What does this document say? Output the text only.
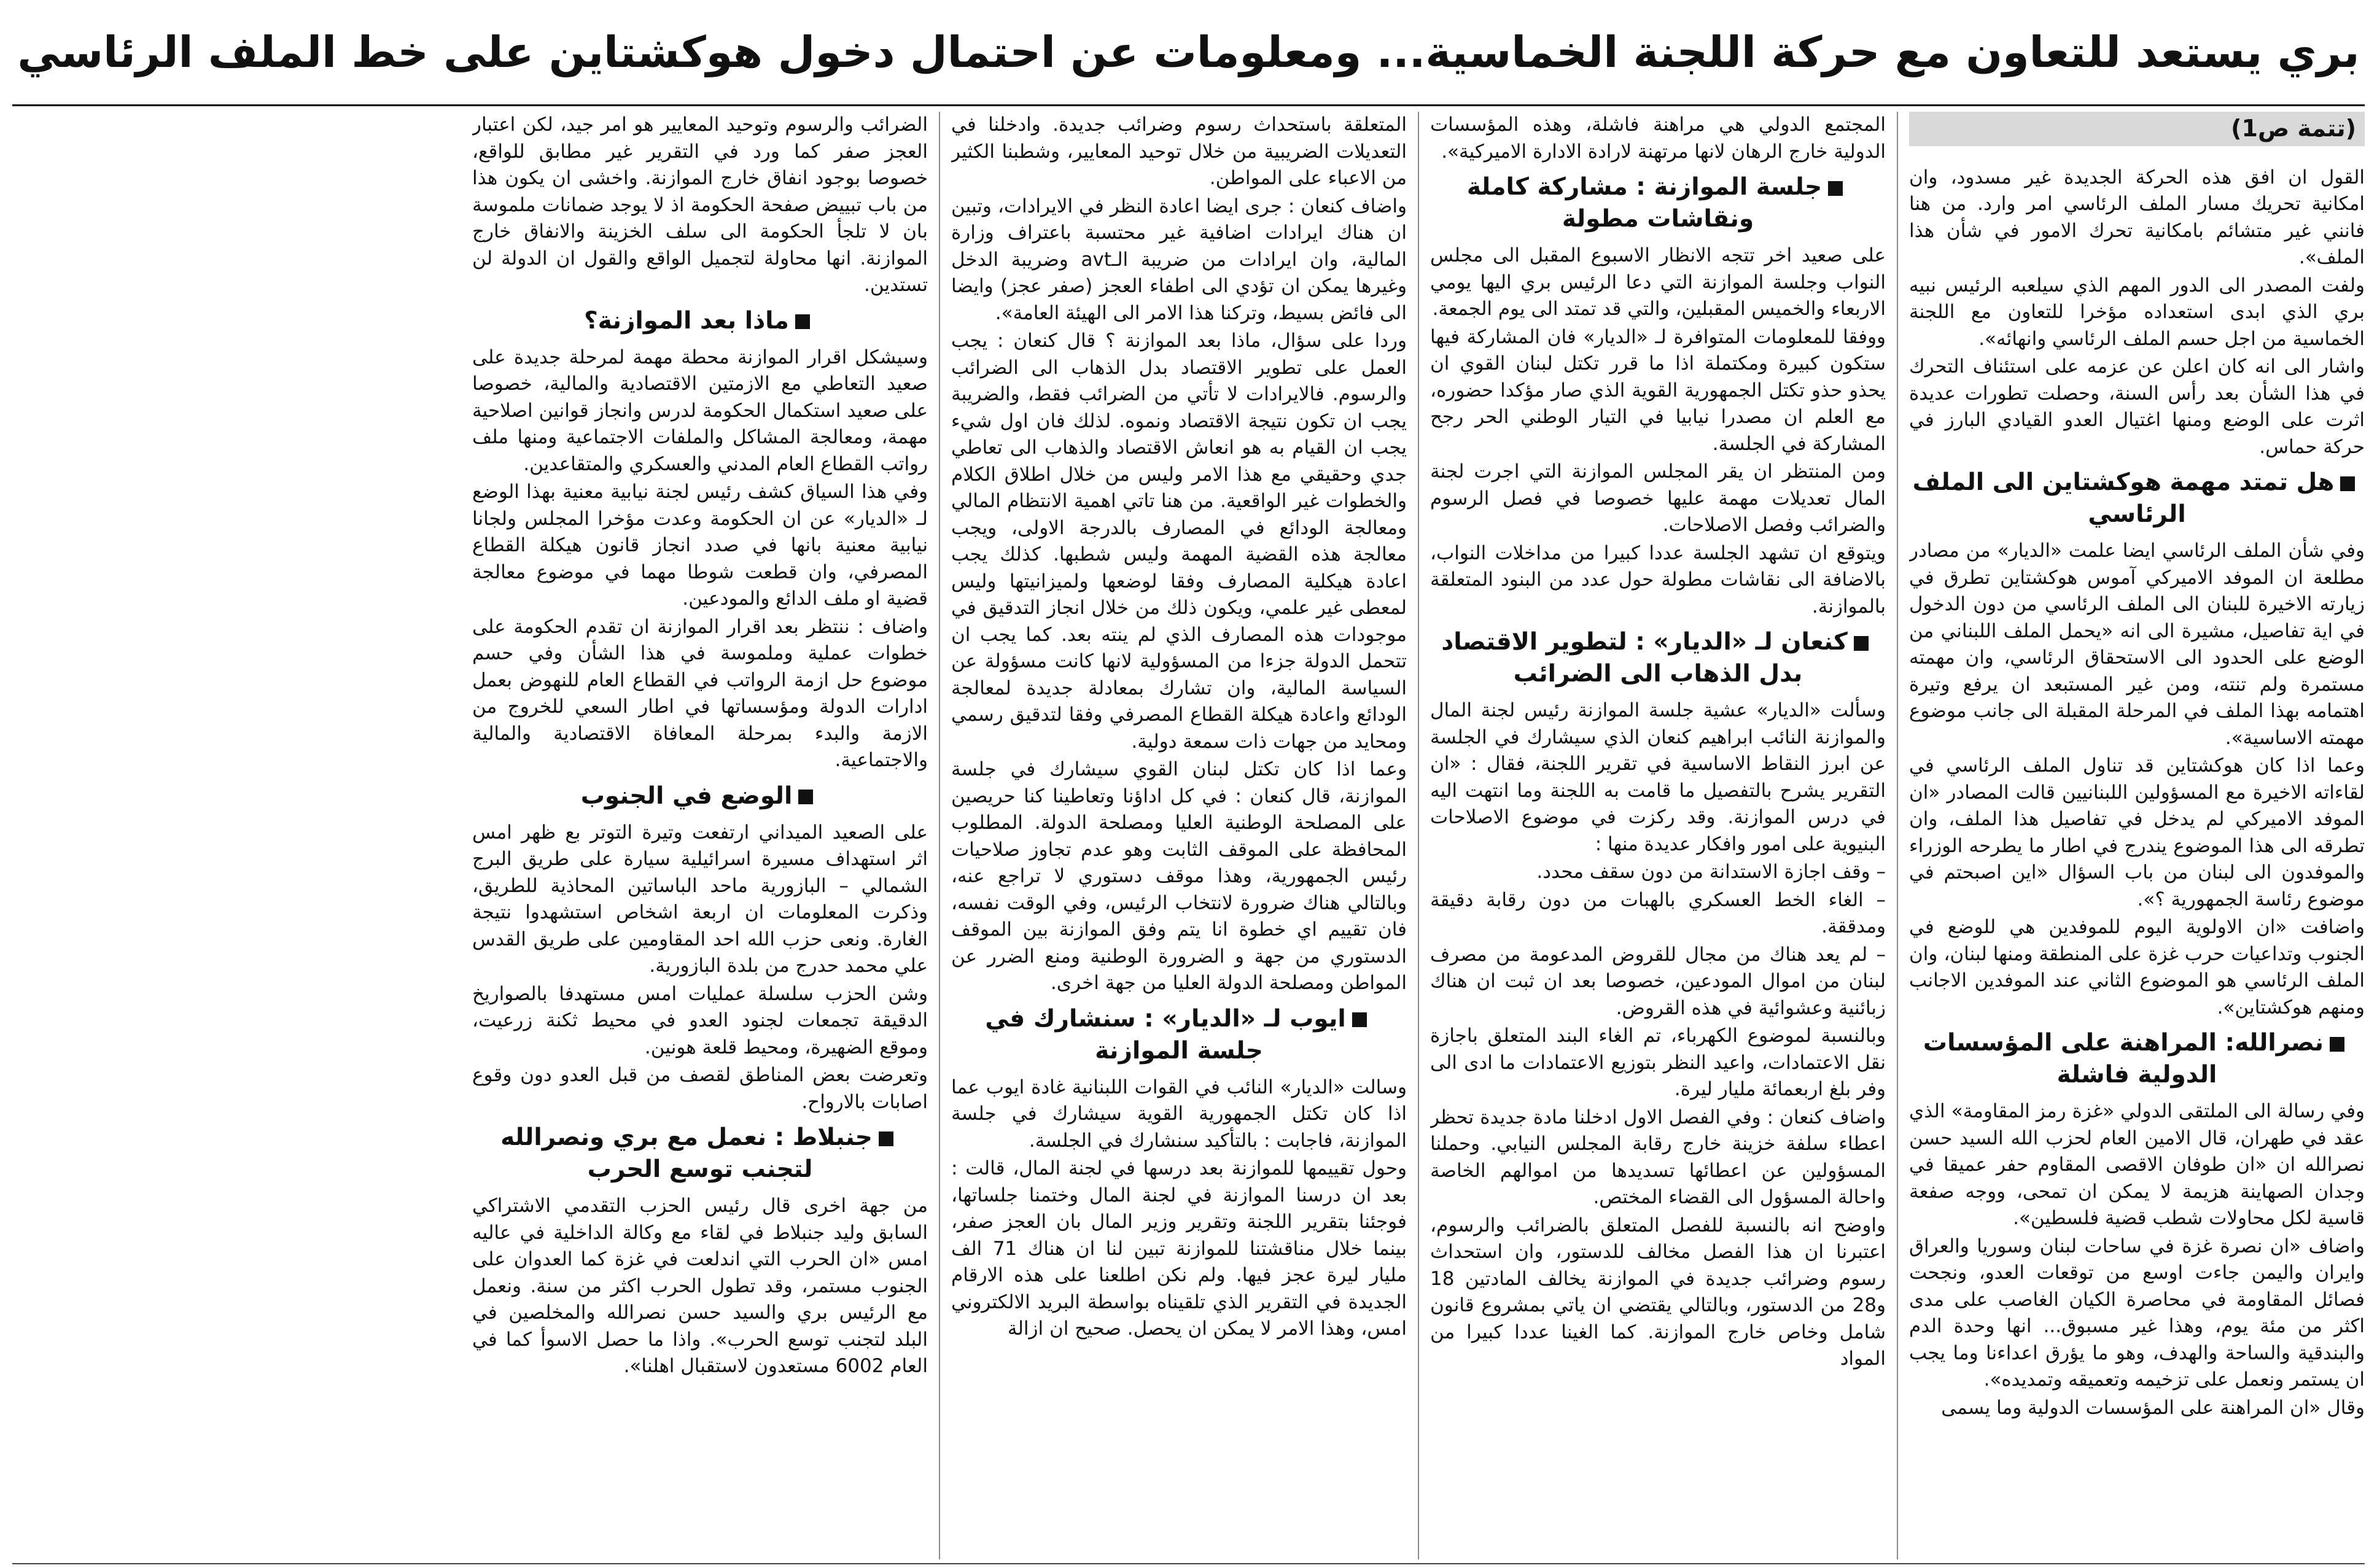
بري يستعد للتعاون مع حركة اللجنة الخماسية... ومعلومات عن احتمال دخول هوكشتاين على خط الملف الرئاسي
(تتمة ص1)

القول ان افق هذه الحركة الجديدة غير مسدود، وان امكانية تحريك مسار الملف الرئاسي امر وارد. من هنا فانني غير متشائم بامكانية تحرك الامور في شأن هذا الملف».

ولفت المصدر الى الدور المهم الذي سيلعبه الرئيس نبيه بري الذي ابدى استعداده مؤخرا للتعاون مع اللجنة الخماسية من اجل حسم الملف الرئاسي وانهائه».

واشار الى انه كان اعلن عن عزمه على استئناف التحرك في هذا الشأن بعد رأس السنة، وحصلت تطورات عديدة اثرت على الوضع ومنها اغتيال العدو القيادي البارز في حركة حماس.

هل تمتد مهمة هوكشتاين الى الملف الرئاسي

وفي شأن الملف الرئاسي ايضا علمت «الديار» من مصادر مطلعة ان الموفد الاميركي آموس هوكشتاين تطرق في زيارته الاخيرة للبنان الى الملف الرئاسي من دون الدخول في اية تفاصيل، مشيرة الى انه «يحمل الملف اللبناني من الوضع على الحدود الى الاستحقاق الرئاسي، وان مهمته مستمرة ولم تنته، ومن غير المستبعد ان يرفع وتيرة اهتمامه بهذا الملف في المرحلة المقبلة الى جانب موضوع مهمته الاساسية».

وعما اذا كان هوكشتاين قد تناول الملف الرئاسي في لقاءاته الاخيرة مع المسؤولين اللبنانيين قالت المصادر «ان الموفد الاميركي لم يدخل في تفاصيل هذا الملف، وان تطرقه الى هذا الموضوع يندرج في اطار ما يطرحه الوزراء والموفدون الى لبنان من باب السؤال «اين اصبحتم في موضوع رئاسة الجمهورية ؟».

واضافت «ان الاولوية اليوم للموفدين هي للوضع في الجنوب وتداعيات حرب غزة على المنطقة ومنها لبنان، وان الملف الرئاسي هو الموضوع الثاني عند الموفدين الاجانب ومنهم هوكشتاين».

نصرالله: المراهنة على المؤسسات الدولية فاشلة

وفي رسالة الى الملتقى الدولي «غزة رمز المقاومة» الذي عقد في طهران، قال الامين العام لحزب الله السيد حسن نصرالله ان «ان طوفان الاقصى المقاوم حفر عميقا في وجدان الصهاينة هزيمة لا يمكن ان تمحى، ووجه صفعة قاسية لكل محاولات شطب قضية فلسطين».

واضاف «ان نصرة غزة في ساحات لبنان وسوريا والعراق وايران واليمن جاءت اوسع من توقعات العدو، ونجحت فصائل المقاومة في محاصرة الكيان الغاصب على مدى اكثر من مئة يوم، وهذا غير مسبوق... انها وحدة الدم والبندقية والساحة والهدف، وهو ما يؤرق اعداءنا وما يجب ان يستمر ونعمل على تزخيمه وتعميقه وتمديده».

وقال «ان المراهنة على المؤسسات الدولية وما يسمى

المجتمع الدولي هي مراهنة فاشلة، وهذه المؤسسات الدولية خارج الرهان لانها مرتهنة لارادة الادارة الاميركية».

جلسة الموازنة : مشاركة كاملة ونقاشات مطولة

على صعيد اخر تتجه الانظار الاسبوع المقبل الى مجلس النواب وجلسة الموازنة التي دعا الرئيس بري اليها يومي الاربعاء والخميس المقبلين، والتي قد تمتد الى يوم الجمعة.

ووفقا للمعلومات المتوافرة لـ «الديار» فان المشاركة فيها ستكون كبيرة ومكتملة اذا ما قرر تكتل لبنان القوي ان يحذو حذو تكتل الجمهورية القوية الذي صار مؤكدا حضوره، مع العلم ان مصدرا نيابيا في التيار الوطني الحر رجح المشاركة في الجلسة.

ومن المنتظر ان يقر المجلس الموازنة التي اجرت لجنة المال تعديلات مهمة عليها خصوصا في فصل الرسوم والضرائب وفصل الاصلاحات.

ويتوقع ان تشهد الجلسة عددا كبيرا من مداخلات النواب، بالاضافة الى نقاشات مطولة حول عدد من البنود المتعلقة بالموازنة.

كنعان لـ «الديار» : لتطوير الاقتصاد بدل الذهاب الى الضرائب

وسألت «الديار» عشية جلسة الموازنة رئيس لجنة المال والموازنة النائب ابراهيم كنعان الذي سيشارك في الجلسة عن ابرز النقاط الاساسية في تقرير اللجنة، فقال : «ان التقرير يشرح بالتفصيل ما قامت به اللجنة وما انتهت اليه في درس الموازنة. وقد ركزت في موضوع الاصلاحات البنيوية على امور وافكار عديدة منها :

– وقف اجازة الاستدانة من دون سقف محدد.

– الغاء الخط العسكري بالهبات من دون رقابة دقيقة ومدققة.

– لم يعد هناك من مجال للقروض المدعومة من مصرف لبنان من اموال المودعين، خصوصا بعد ان ثبت ان هناك زبائنية وعشوائية في هذه القروض.

وبالنسبة لموضوع الكهرباء، تم الغاء البند المتعلق باجازة نقل الاعتمادات، واعيد النظر بتوزيع الاعتمادات ما ادى الى وفر بلغ اربعمائة مليار ليرة.

واضاف كنعان : وفي الفصل الاول ادخلنا مادة جديدة تحظر اعطاء سلفة خزينة خارج رقابة المجلس النيابي. وحملنا المسؤولين عن اعطائها تسديدها من اموالهم الخاصة واحالة المسؤول الى القضاء المختص.

واوضح انه بالنسبة للفصل المتعلق بالضرائب والرسوم، اعتبرنا ان هذا الفصل مخالف للدستور، وان استحداث رسوم وضرائب جديدة في الموازنة يخالف المادتين 18 و28 من الدستور، وبالتالي يقتضي ان ياتي بمشروع قانون شامل وخاص خارج الموازنة. كما الغينا عددا كبيرا من المواد

المتعلقة باستحداث رسوم وضرائب جديدة. وادخلنا في التعديلات الضريبية من خلال توحيد المعايير، وشطبنا الكثير من الاعباء على المواطن.

واضاف كنعان : جرى ايضا اعادة النظر في الايرادات، وتبين ان هناك ايرادات اضافية غير محتسبة باعتراف وزارة المالية، وان ايرادات من ضريبة الـavt وضريبة الدخل وغيرها يمكن ان تؤدي الى اطفاء العجز (صفر عجز) وايضا الى فائض بسيط، وتركنا هذا الامر الى الهيئة العامة».

وردا على سؤال، ماذا بعد الموازنة ؟ قال كنعان : يجب العمل على تطوير الاقتصاد بدل الذهاب الى الضرائب والرسوم. فالايرادات لا تأتي من الضرائب فقط، والضريبة يجب ان تكون نتيجة الاقتصاد ونموه. لذلك فان اول شيء يجب ان القيام به هو انعاش الاقتصاد والذهاب الى تعاطي جدي وحقيقي مع هذا الامر وليس من خلال اطلاق الكلام والخطوات غير الواقعية. من هنا تاتي اهمية الانتظام المالي ومعالجة الودائع في المصارف بالدرجة الاولى، ويجب معالجة هذه القضية المهمة وليس شطبها. كذلك يجب اعادة هيكلية المصارف وفقا لوضعها ولميزانيتها وليس لمعطى غير علمي، ويكون ذلك من خلال انجاز التدقيق في موجودات هذه المصارف الذي لم ينته بعد. كما يجب ان تتحمل الدولة جزءا من المسؤولية لانها كانت مسؤولة عن السياسة المالية، وان تشارك بمعادلة جديدة لمعالجة الودائع واعادة هيكلة القطاع المصرفي وفقا لتدقيق رسمي ومحايد من جهات ذات سمعة دولية.

وعما اذا كان تكتل لبنان القوي سيشارك في جلسة الموازنة، قال كنعان : في كل اداؤنا وتعاطينا كنا حريصين على المصلحة الوطنية العليا ومصلحة الدولة. المطلوب المحافظة على الموقف الثابت وهو عدم تجاوز صلاحيات رئيس الجمهورية، وهذا موقف دستوري لا تراجع عنه، وبالتالي هناك ضرورة لانتخاب الرئيس، وفي الوقت نفسه، فان تقييم اي خطوة انا يتم وفق الموازنة بين الموقف الدستوري من جهة و الضرورة الوطنية ومنع الضرر عن المواطن ومصلحة الدولة العليا من جهة اخرى.

ايوب لـ «الديار» : سنشارك في جلسة الموازنة

وسالت «الديار» النائب في القوات اللبنانية غادة ايوب عما اذا كان تكتل الجمهورية القوية سيشارك في جلسة الموازنة، فاجابت : بالتأكيد سنشارك في الجلسة.

وحول تقييمها للموازنة بعد درسها في لجنة المال، قالت : بعد ان درسنا الموازنة في لجنة المال وختمنا جلساتها، فوجئنا بتقرير اللجنة وتقرير وزير المال بان العجز صفر، بينما خلال مناقشتنا للموازنة تبين لنا ان هناك 71 الف مليار ليرة عجز فيها. ولم نكن اطلعنا على هذه الارقام الجديدة في التقرير الذي تلقيناه بواسطة البريد الالكتروني امس، وهذا الامر لا يمكن ان يحصل. صحيح ان ازالة

الضرائب والرسوم وتوحيد المعايير هو امر جيد، لكن اعتبار العجز صفر كما ورد في التقرير غير مطابق للواقع، خصوصا بوجود انفاق خارج الموازنة. واخشى ان يكون هذا من باب تبييض صفحة الحكومة اذ لا يوجد ضمانات ملموسة بان لا تلجأ الحكومة الى سلف الخزينة والانفاق خارج الموازنة. انها محاولة لتجميل الواقع والقول ان الدولة لن تستدين.

ماذا بعد الموازنة؟

وسيشكل اقرار الموازنة محطة مهمة لمرحلة جديدة على صعيد التعاطي مع الازمتين الاقتصادية والمالية، خصوصا على صعيد استكمال الحكومة لدرس وانجاز قوانين اصلاحية مهمة، ومعالجة المشاكل والملفات الاجتماعية ومنها ملف رواتب القطاع العام المدني والعسكري والمتقاعدين.

وفي هذا السياق كشف رئيس لجنة نيابية معنية بهذا الوضع لـ «الديار» عن ان الحكومة وعدت مؤخرا المجلس ولجانا نيابية معنية بانها في صدد انجاز قانون هيكلة القطاع المصرفي، وان قطعت شوطا مهما في موضوع معالجة قضية او ملف الدائع والمودعين.

واضاف : ننتظر بعد اقرار الموازنة ان تقدم الحكومة على خطوات عملية وملموسة في هذا الشأن وفي حسم موضوع حل ازمة الرواتب في القطاع العام للنهوض بعمل ادارات الدولة ومؤسساتها في اطار السعي للخروج من الازمة والبدء بمرحلة المعافاة الاقتصادية والمالية والاجتماعية.

الوضع في الجنوب

على الصعيد الميداني ارتفعت وتيرة التوتر بع ظهر امس اثر استهداف مسيرة اسرائيلية سيارة على طريق البرج الشمالي – البازورية ماحد الباساتين المحاذية للطريق، وذكرت المعلومات ان اربعة اشخاص استشهدوا نتيجة الغارة. ونعى حزب الله احد المقاومين على طريق القدس علي محمد حدرج من بلدة البازورية.

وشن الحزب سلسلة عمليات امس مستهدفا بالصواريخ الدقيقة تجمعات لجنود العدو في محيط ثكنة زرعيت، وموقع الضهيرة، ومحيط قلعة هونين.

وتعرضت بعض المناطق لقصف من قبل العدو دون وقوع اصابات بالارواح.

جنبلاط : نعمل مع بري ونصرالله لتجنب توسع الحرب

من جهة اخرى قال رئيس الحزب التقدمي الاشتراكي السابق وليد جنبلاط في لقاء مع وكالة الداخلية في عاليه امس «ان الحرب التي اندلعت في غزة كما العدوان على الجنوب مستمر، وقد تطول الحرب اكثر من سنة. ونعمل مع الرئيس بري والسيد حسن نصرالله والمخلصين في البلد لتجنب توسع الحرب». واذا ما حصل الاسوأ كما في العام 6002 مستعدون لاستقبال اهلنا».
